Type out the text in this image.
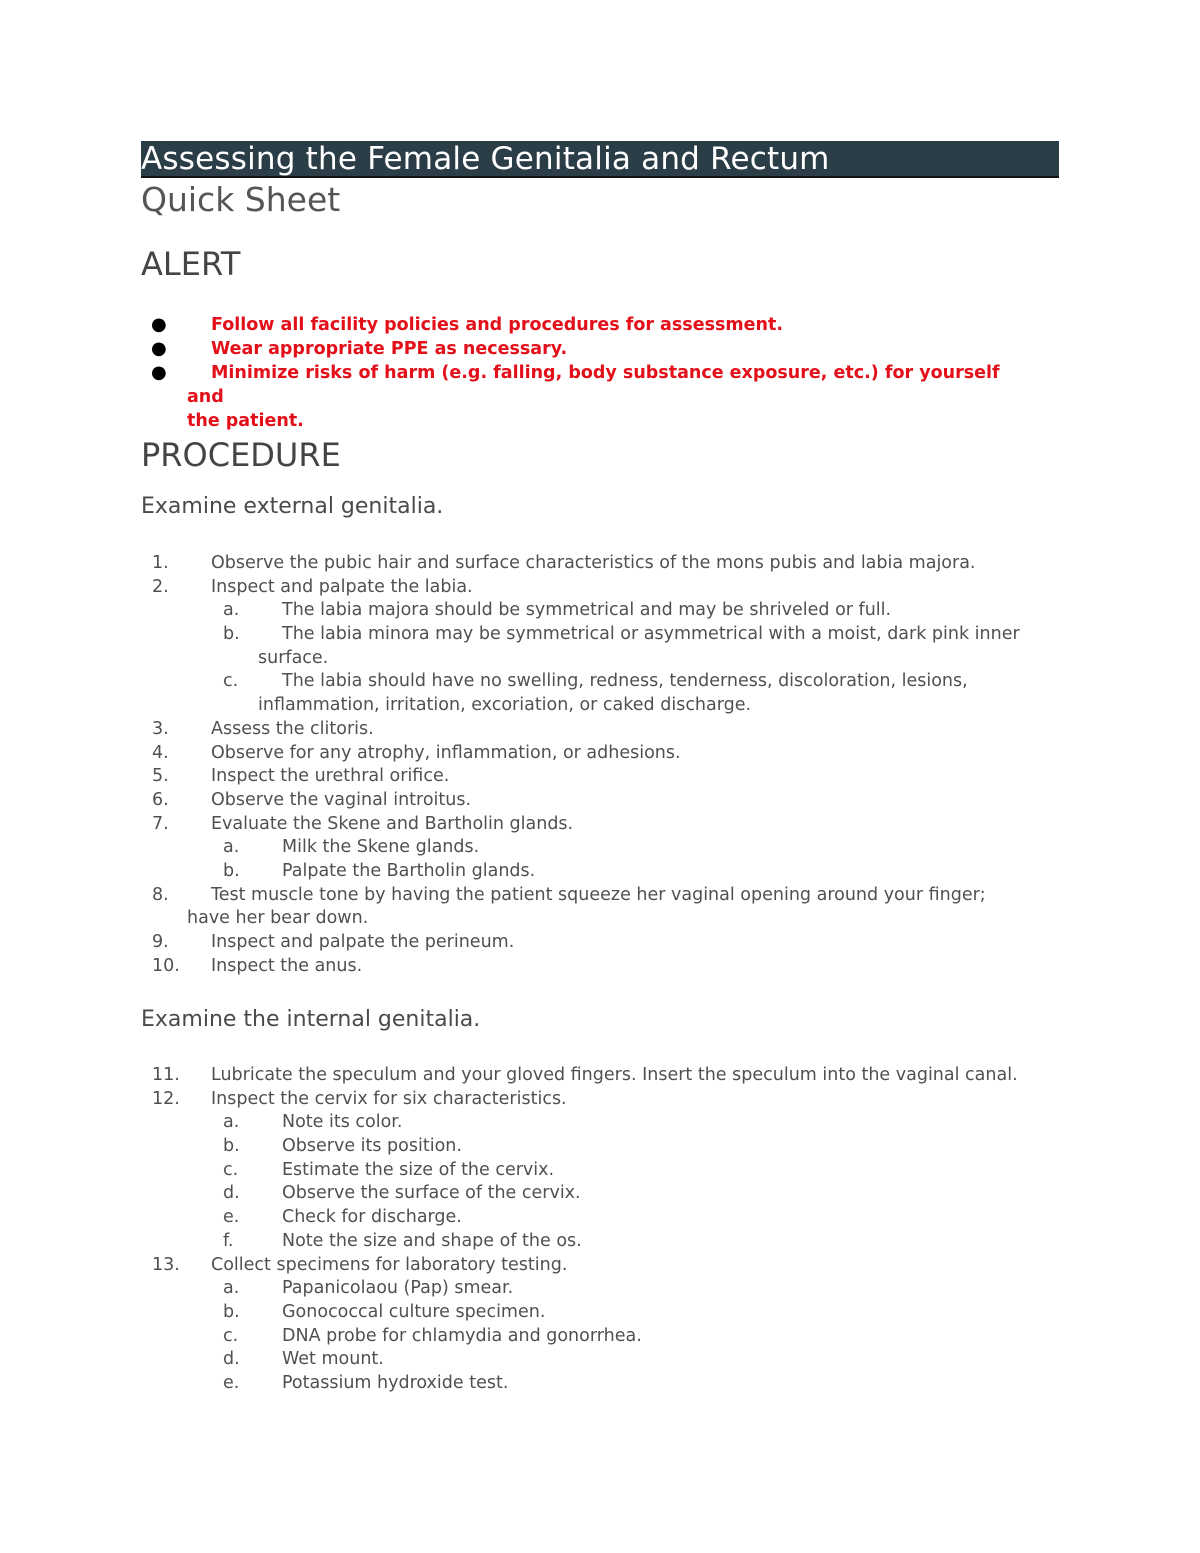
Assessing the Female Genitalia and Rectum
Quick Sheet
ALERT
●	Follow all facility policies and procedures for assessment.
●	Wear appropriate PPE as necessary.
●	Minimize risks of harm (e.g. falling, body substance exposure, etc.) for yourself and
the patient.
PROCEDURE
Examine external genitalia.
1. Observe the pubic hair and surface characteristics of the mons pubis and labia majora.
2. Inspect and palpate the labia.
a. The labia majora should be symmetrical and may be shriveled or full.
b. The labia minora may be symmetrical or asymmetrical with a moist, dark pink inner
surface.
c.	The labia should have no swelling, redness, tenderness, discoloration, lesions,
inflammation, irritation, excoriation, or caked discharge.
3. Assess the clitoris.
4. Observe for any atrophy, inflammation, or adhesions.
5. Inspect the urethral orifice.
6. Observe the vaginal introitus.
7. Evaluate the Skene and Bartholin glands.
a. Milk the Skene glands.
b. Palpate the Bartholin glands.
8. Test muscle tone by having the patient squeeze her vaginal opening around your finger;
have her bear down.
9. Inspect and palpate the perineum.
10. Inspect the anus.
Examine the internal genitalia.
11. Lubricate the speculum and your gloved fingers. Insert the speculum into the vaginal canal.
12. Inspect the cervix for six characteristics.
a. Note its color.
b. Observe its position.
c.	Estimate the size of the cervix.
d. Observe the surface of the cervix.
e. Check for discharge.
f.	Note the size and shape of the os.
13. Collect specimens for laboratory testing.
a. Papanicolaou (Pap) smear.
b. Gonococcal culture specimen.
c.	DNA probe for chlamydia and gonorrhea.
d. Wet mount.
e. Potassium hydroxide test.
